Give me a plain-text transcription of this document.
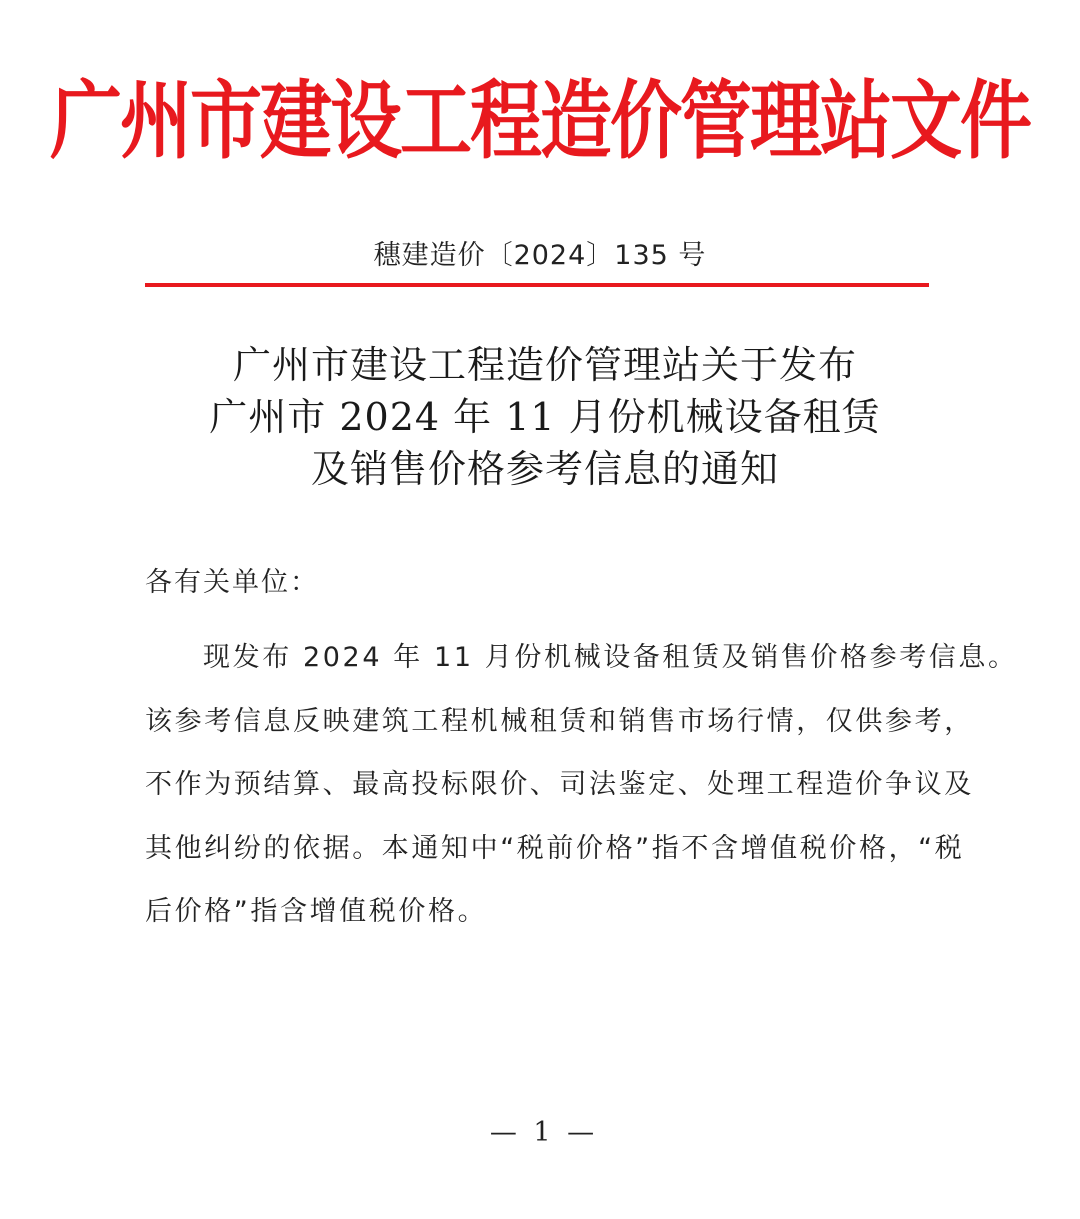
广州市建设工程造价管理站文件
穗建造价〔2024〕135 号
广州市建设工程造价管理站关于发布
广州市 2024 年 11 月份机械设备租赁
及销售价格参考信息的通知
各有关单位：
现发布 2024 年 11 月份机械设备租赁及销售价格参考信息。
该参考信息反映建筑工程机械租赁和销售市场行情，仅供参考，
不作为预结算、最高投标限价、司法鉴定、处理工程造价争议及
其他纠纷的依据。本通知中“税前价格”指不含增值税价格，“税
后价格”指含增值税价格。
— 1 —
